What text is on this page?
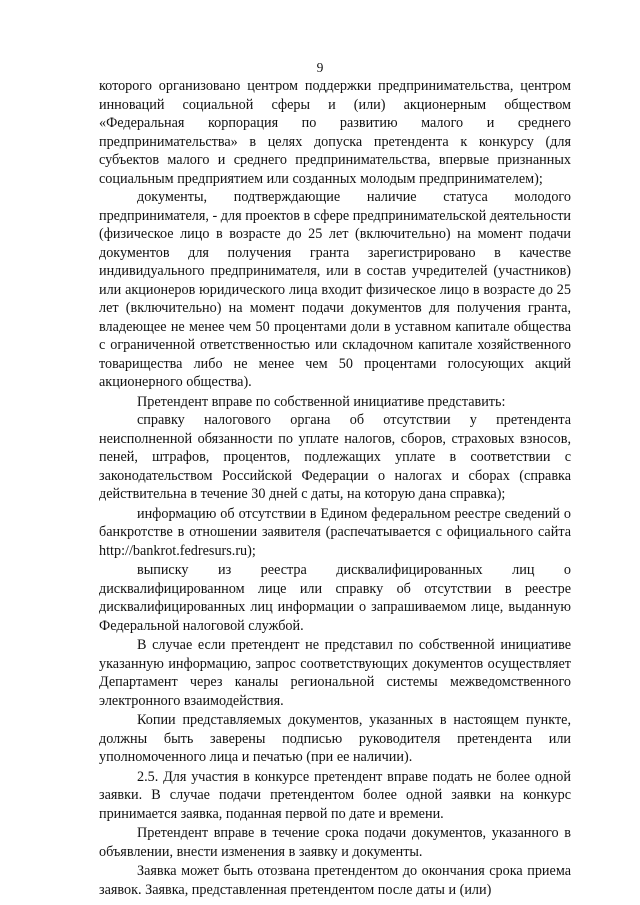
9

которого организовано центром поддержки предпринимательства, центром инноваций социальной сферы и (или) акционерным обществом «Федеральная корпорация по развитию малого и среднего предпринимательства» в целях допуска претендента к конкурсу (для субъектов малого и среднего предпринимательства, впервые признанных социальным предприятием или созданных молодым предпринимателем);

документы, подтверждающие наличие статуса молодого предпринимателя, - для проектов в сфере предпринимательской деятельности (физическое лицо в возрасте до 25 лет (включительно) на момент подачи документов для получения гранта зарегистрировано в качестве индивидуального предпринимателя, или в состав учредителей (участников) или акционеров юридического лица входит физическое лицо в возрасте до 25 лет (включительно) на момент подачи документов для получения гранта, владеющее не менее чем 50 процентами доли в уставном капитале общества с ограниченной ответственностью или складочном капитале хозяйственного товарищества либо не менее чем 50 процентами голосующих акций акционерного общества).

Претендент вправе по собственной инициативе представить:

справку налогового органа об отсутствии у претендента неисполненной обязанности по уплате налогов, сборов, страховых взносов, пеней, штрафов, процентов, подлежащих уплате в соответствии с законодательством Российской Федерации о налогах и сборах (справка действительна в течение 30 дней с даты, на которую дана справка);

информацию об отсутствии в Едином федеральном реестре сведений о банкротстве в отношении заявителя (распечатывается с официального сайта http://bankrot.fedresurs.ru);

выписку из реестра дисквалифицированных лиц о дисквалифицированном лице или справку об отсутствии в реестре дисквалифицированных лиц информации о запрашиваемом лице, выданную Федеральной налоговой службой.

В случае если претендент не представил по собственной инициативе указанную информацию, запрос соответствующих документов осуществляет Департамент через каналы региональной системы межведомственного электронного взаимодействия.

Копии представляемых документов, указанных в настоящем пункте, должны быть заверены подписью руководителя претендента или уполномоченного лица и печатью (при ее наличии).

2.5. Для участия в конкурсе претендент вправе подать не более одной заявки. В случае подачи претендентом более одной заявки на конкурс принимается заявка, поданная первой по дате и времени.

Претендент вправе в течение срока подачи документов, указанного в объявлении, внести изменения в заявку и документы.

Заявка может быть отозвана претендентом до окончания срока приема заявок. Заявка, представленная претендентом после даты и (или)
